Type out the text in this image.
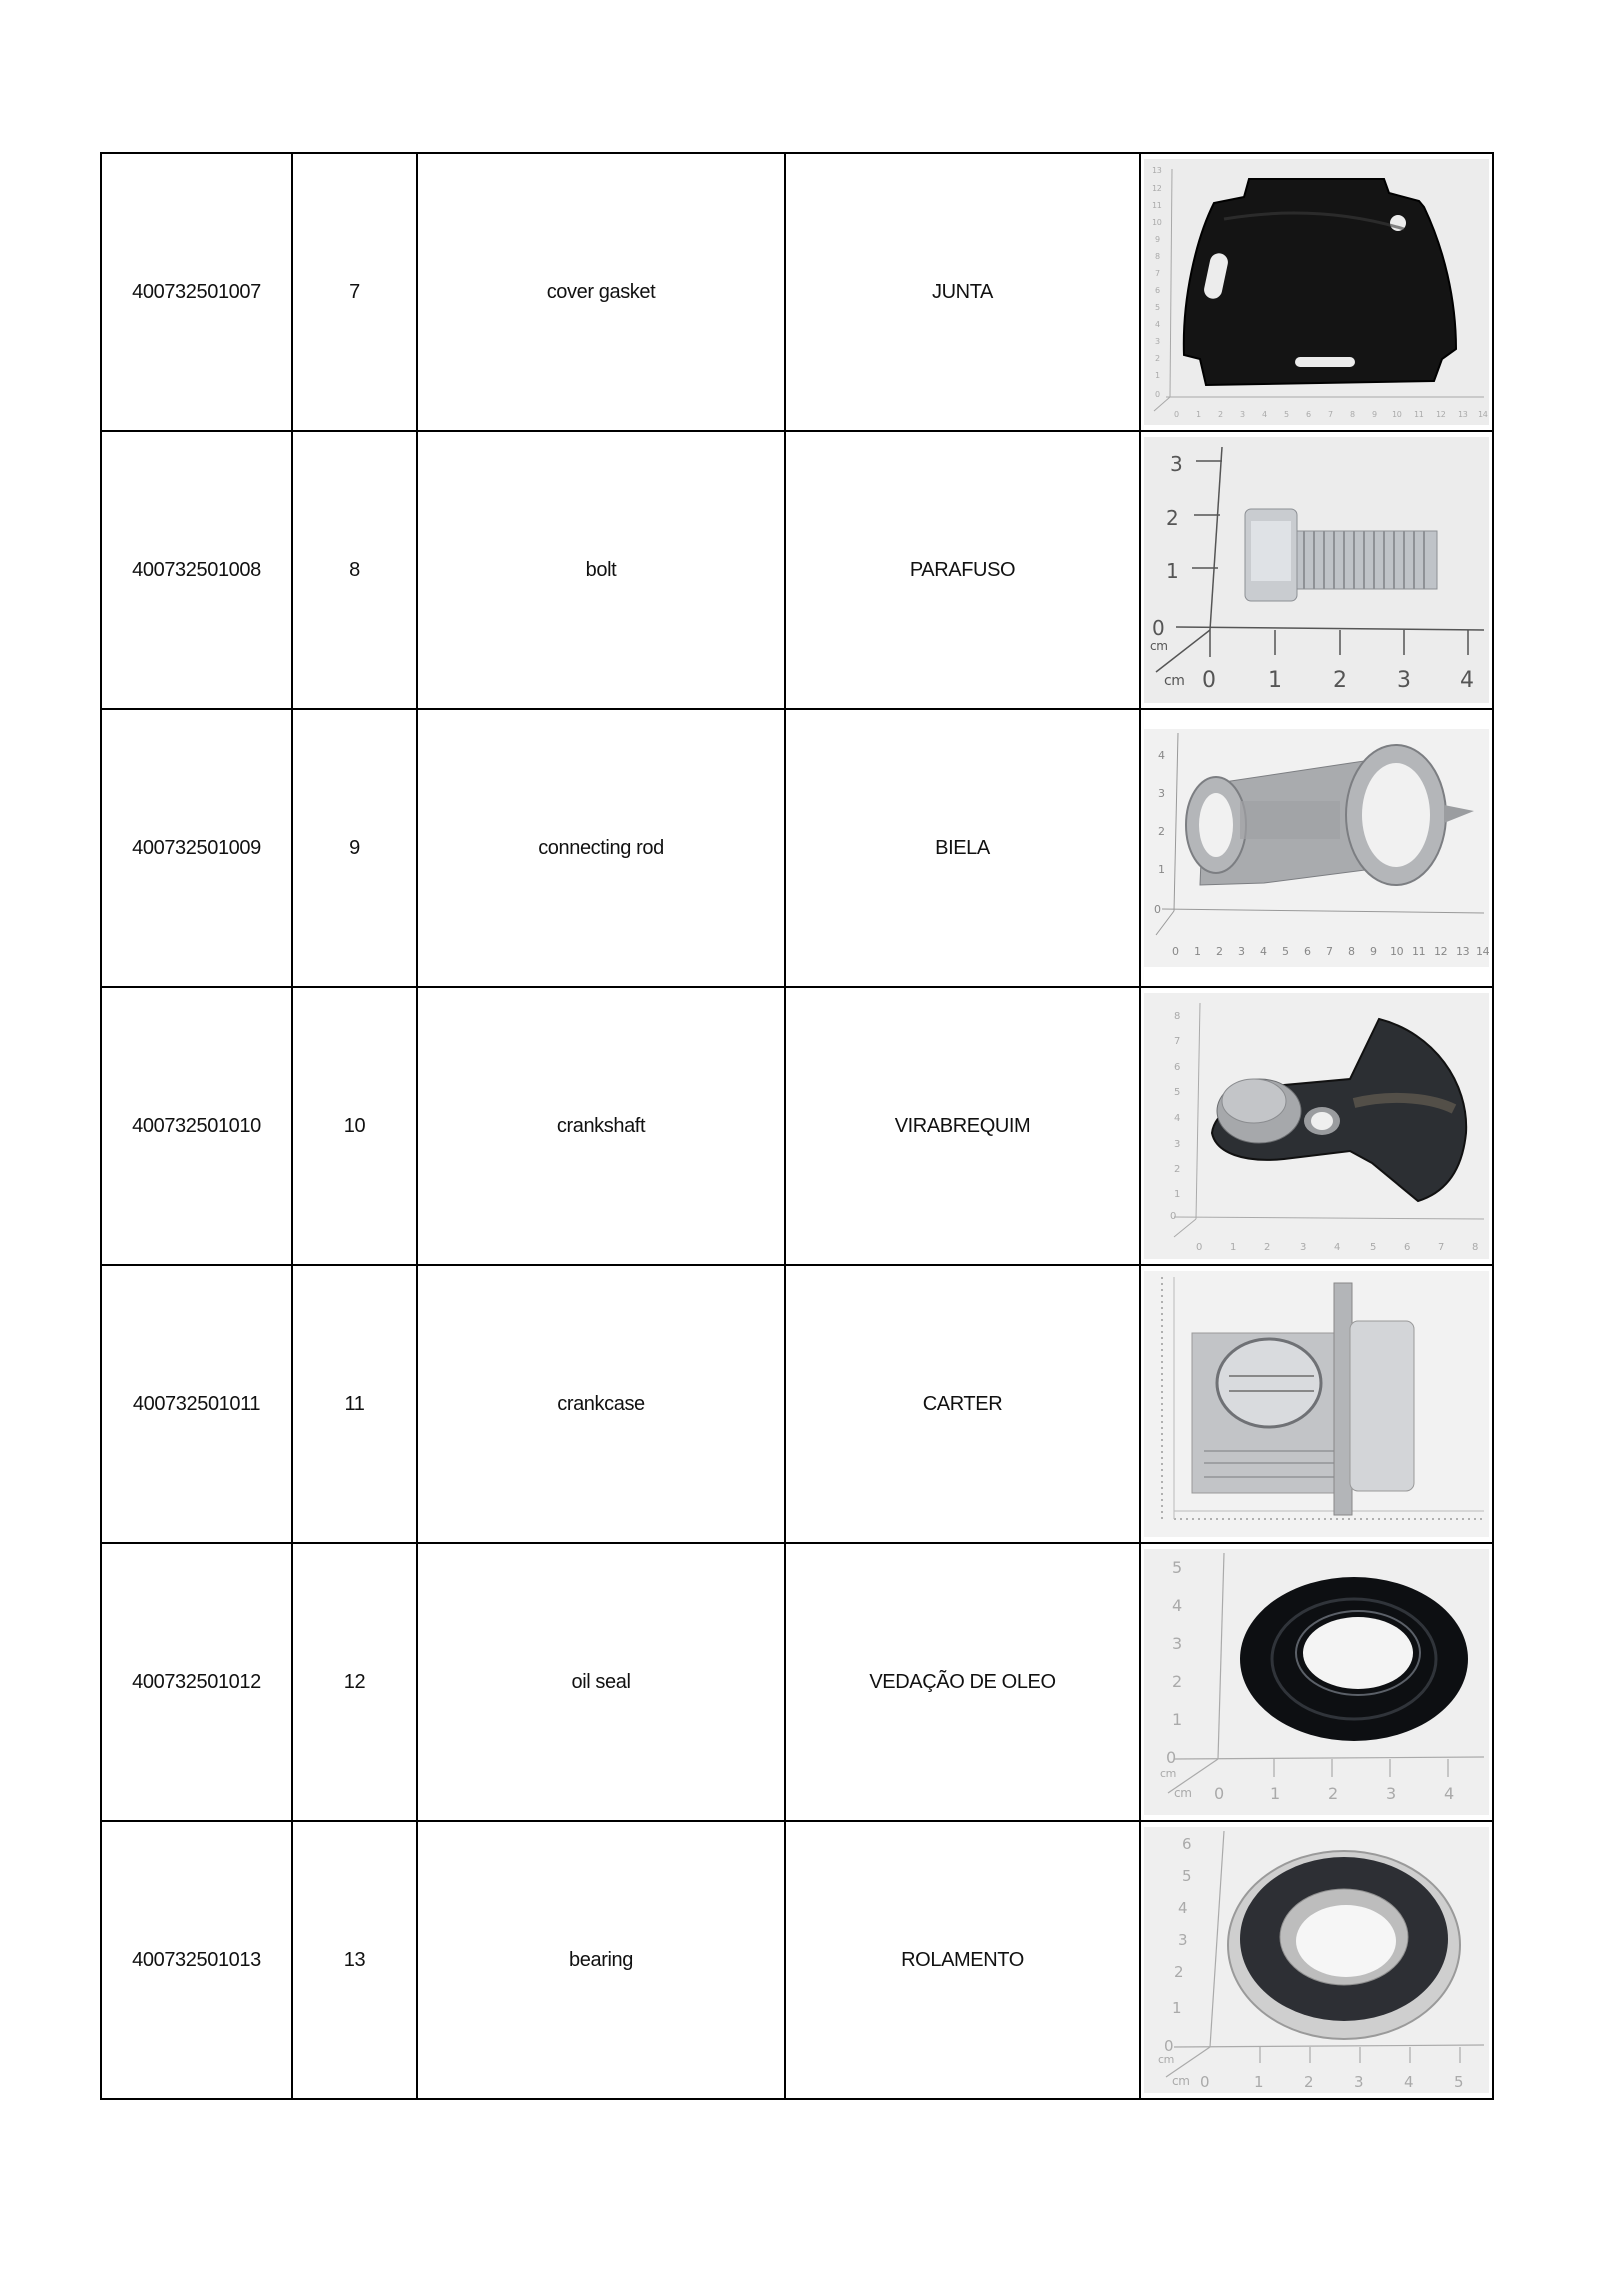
400732501007	7	cover gasket	JUNTA	
13
12
11
10
9
8
7
6
5
4
3
2
1
0
0 1 2 3 4 5 6 7 8 9 10 11 12 13 14

400732501008	8	bolt	PARAFUSO	
3
2
1
0
cm
cm 0 1 2 3 4

400732501009	9	connecting rod	BIELA	
4
3
2
1
0
0 1 2 3 4 5 6 7 8 9 10 11 12 13 14

400732501010	10	crankshaft	VIRABREQUIM	
8
7
6
5
4
3
2
1
0
0	1	2	3	4	5	6	7	8

400732501011	11	crankcase	CARTER	

400732501012	12	oil seal	VEDAÇÃO DE OLEO	
5
4
3
2
1
0
cm
cm 0	1	2	3	4

400732501013	13	bearing	ROLAMENTO	
6
5
4
3
2
1
0
cm
cm 0	1	2	3	4	5
